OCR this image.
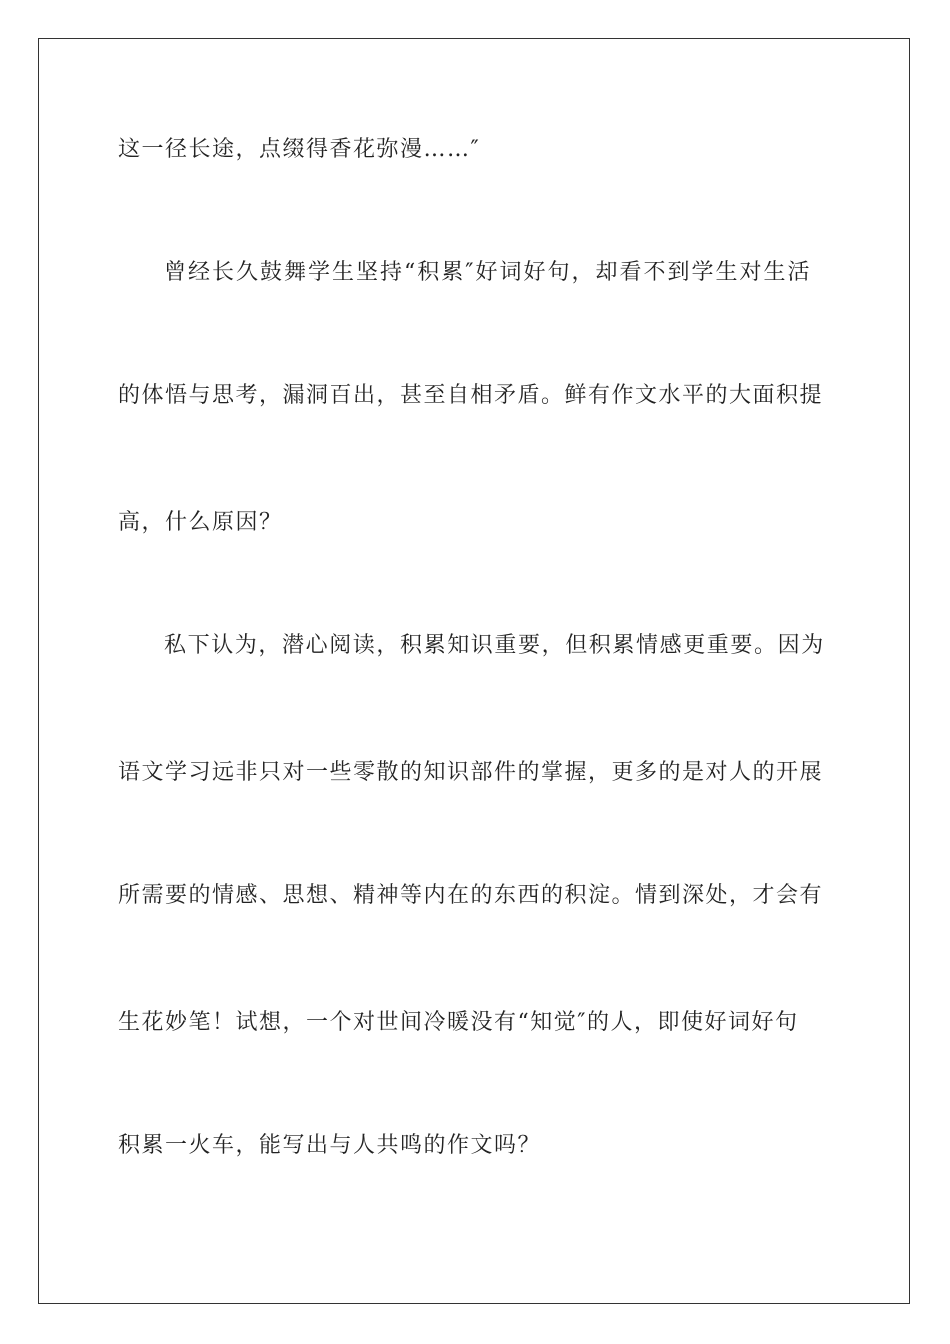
这一径长途，点缀得香花弥漫……″
曾经长久鼓舞学生坚持“积累″好词好句，却看不到学生对生活
的体悟与思考，漏洞百出，甚至自相矛盾。鲜有作文水平的大面积提
高，什么原因？
私下认为，潜心阅读，积累知识重要，但积累情感更重要。因为
语文学习远非只对一些零散的知识部件的掌握，更多的是对人的开展
所需要的情感、思想、精神等内在的东西的积淀。情到深处，才会有
生花妙笔！试想，一个对世间冷暖没有“知觉″的人，即使好词好句
积累一火车，能写出与人共鸣的作文吗？
